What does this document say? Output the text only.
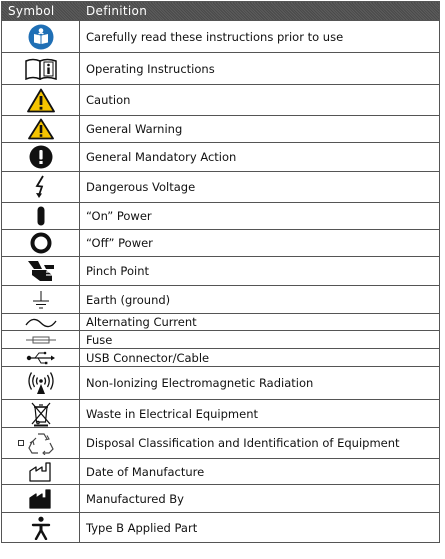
Symbol	Definition

	Carefully read these instructions prior to use

	Operating Instructions

	Caution

	General Warning

	General Mandatory Action

	Dangerous Voltage

	“On” Power

	“Off” Power

	Pinch Point

	Earth (ground)

	Alternating Current

	Fuse

	USB Connector/Cable

	Non-Ionizing Electromagnetic Radiation

	Waste in Electrical Equipment

	Disposal Classification and Identification of Equipment

	Date of Manufacture

	Manufactured By

	Type B Applied Part
